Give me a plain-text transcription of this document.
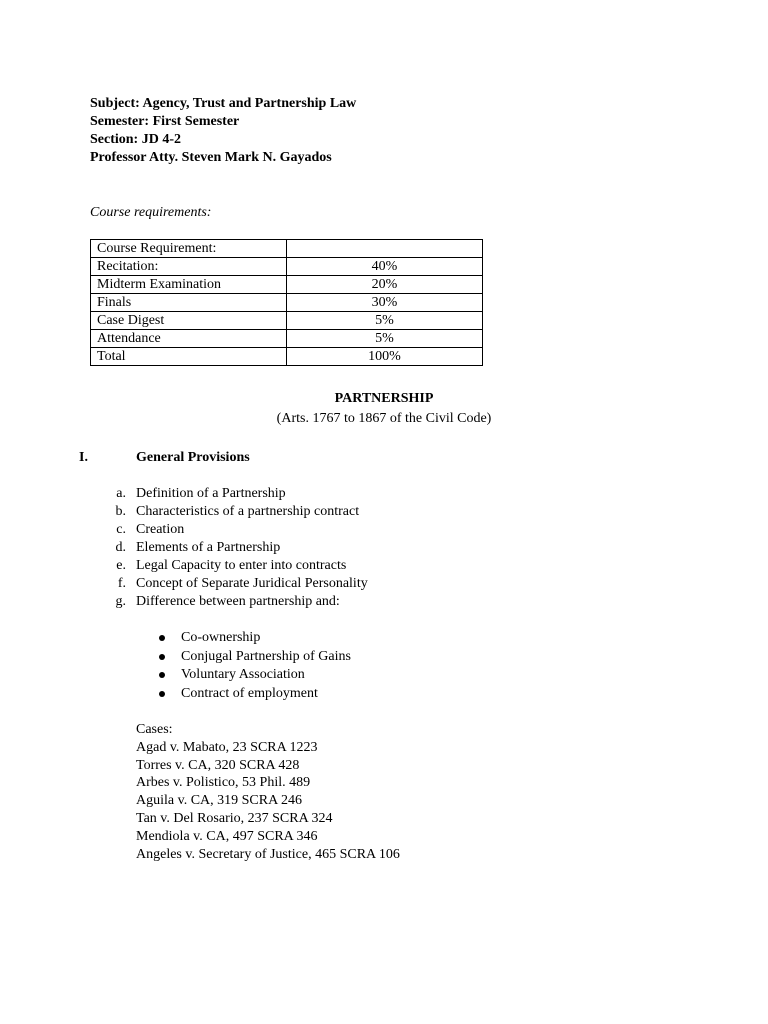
Subject: Agency, Trust and Partnership Law
Semester: First Semester
Section: JD 4-2
Professor Atty. Steven Mark N. Gayados
Course requirements:
Course Requirement:	
Recitation:	40%
Midterm Examination	20%
Finals	30%
Case Digest	5%
Attendance	5%
Total	100%
PARTNERSHIP
(Arts. 1767 to 1867 of the Civil Code)
I.	General Provisions
a. Definition of a Partnership
b. Characteristics of a partnership contract
c. Creation
d. Elements of a Partnership
e. Legal Capacity to enter into contracts
f. Concept of Separate Juridical Personality
g. Difference between partnership and:
Co-ownership
Conjugal Partnership of Gains
Voluntary Association
Contract of employment
Cases:
Agad v. Mabato, 23 SCRA 1223
Torres v. CA, 320 SCRA 428
Arbes v. Polistico, 53 Phil. 489
Aguila v. CA, 319 SCRA 246
Tan v. Del Rosario, 237 SCRA 324
Mendiola v. CA, 497 SCRA 346
Angeles v. Secretary of Justice, 465 SCRA 106
